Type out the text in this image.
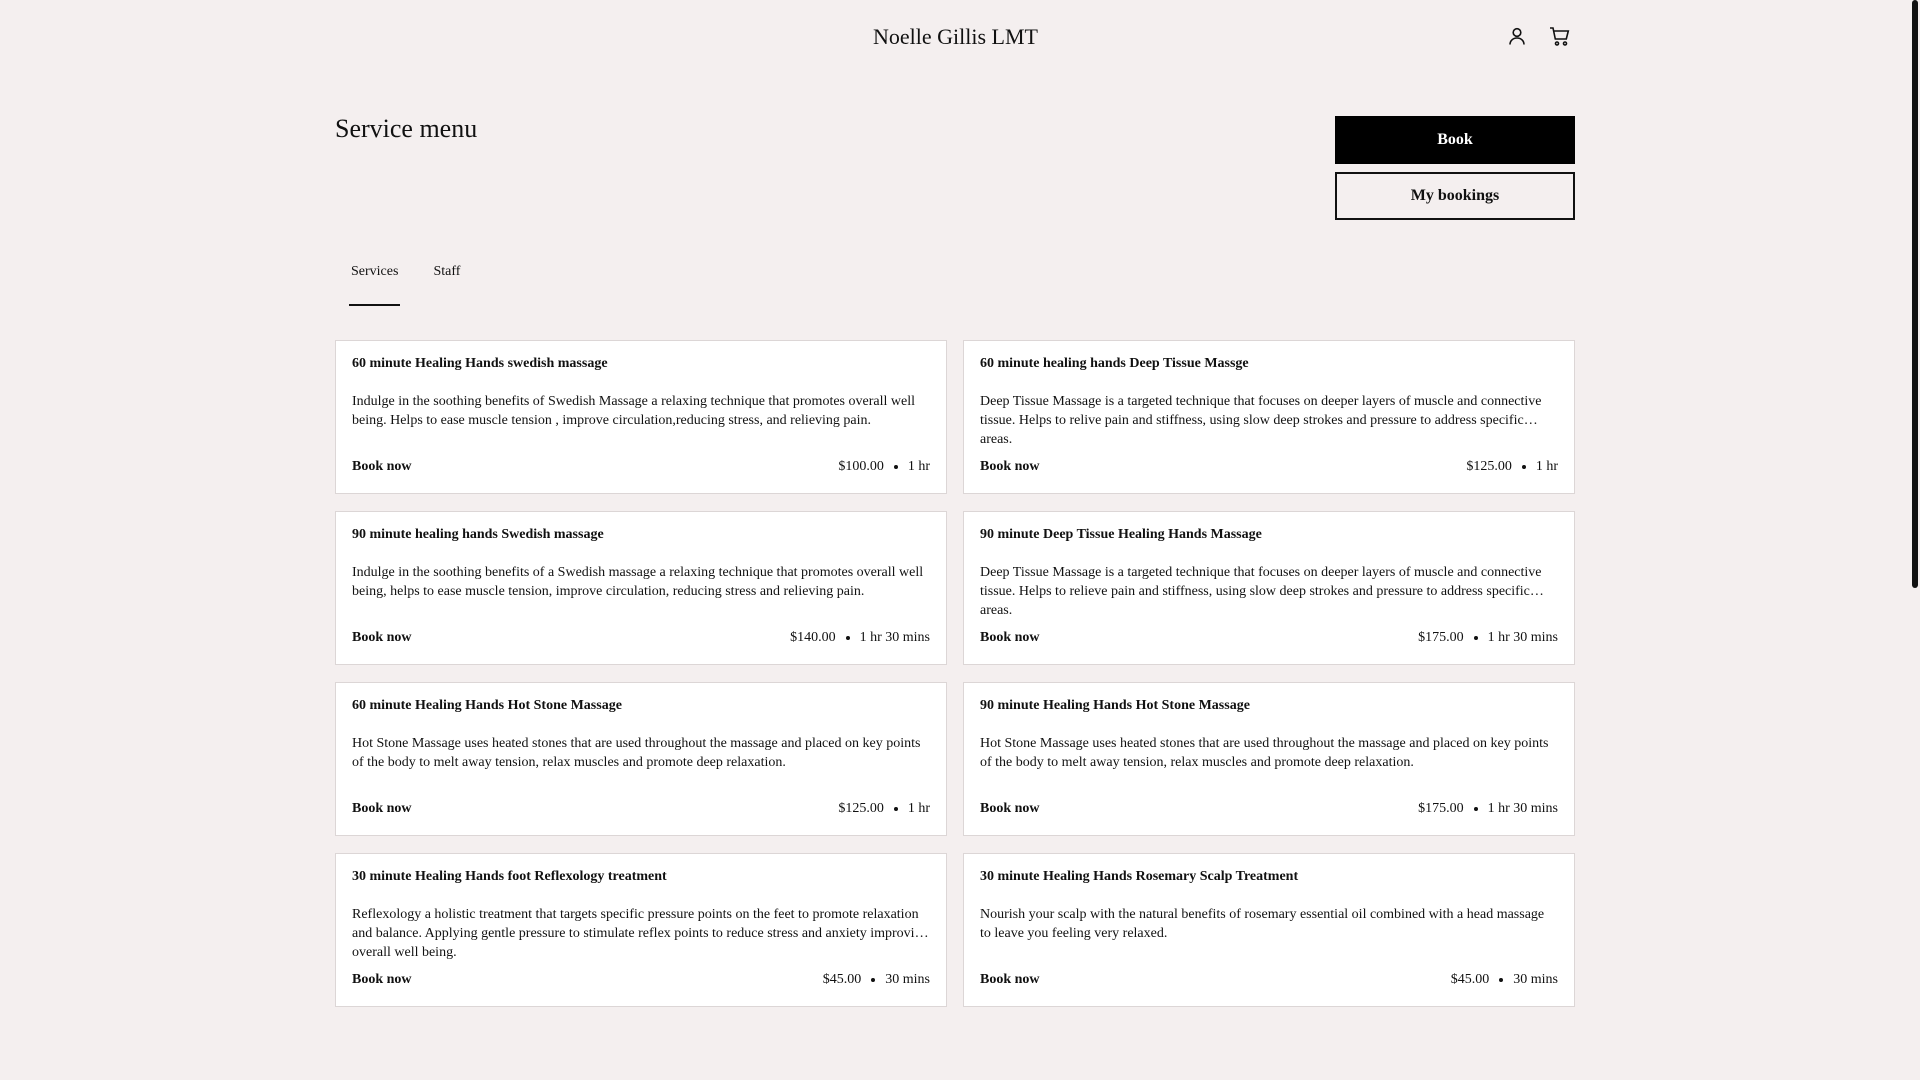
Noelle Gillis LMT
Service menu	Book
My bookings
Services	Staff
60 minute Healing Hands swedish massage
Indulge in the soothing benefits of Swedish Massage a relaxing technique that promotes overall well being. Helps to ease muscle tension , improve circulation,reducing stress, and relieving pain.
Book now	$100.00 1 hr
60 minute healing hands Deep Tissue Massge
Deep Tissue Massage is a targeted technique that focuses on deeper layers of muscle and connective tissue. Helps to relive pain and stiffness, using slow deep strokes and pressure to address specific areas.
Book now	$125.00 1 hr
90 minute healing hands Swedish massage
Indulge in the soothing benefits of a Swedish massage a relaxing technique that promotes overall well being, helps to ease muscle tension, improve circulation, reducing stress and relieving pain.
Book now	$140.00 1 hr 30 mins
90 minute Deep Tissue Healing Hands Massage
Deep Tissue Massage is a targeted technique that focuses on deeper layers of muscle and connective tissue. Helps to relieve pain and stiffness, using slow deep strokes and pressure to address specific areas.
Book now	$175.00 1 hr 30 mins
60 minute Healing Hands Hot Stone Massage
Hot Stone Massage uses heated stones that are used throughout the massage and placed on key points of the body to melt away tension, relax muscles and promote deep relaxation.
Book now	$125.00 1 hr
90 minute Healing Hands Hot Stone Massage
Hot Stone Massage uses heated stones that are used throughout the massage and placed on key points of the body to melt away tension, relax muscles and promote deep relaxation.
Book now	$175.00 1 hr 30 mins
30 minute Healing Hands foot Reflexology treatment
Reflexology a holistic treatment that targets specific pressure points on the feet to promote relaxation and balance. Applying gentle pressure to stimulate reflex points to reduce stress and anxiety improving overall well being.
Book now	$45.00 30 mins
30 minute Healing Hands Rosemary Scalp Treatment
Nourish your scalp with the natural benefits of rosemary essential oil combined with a head massage to leave you feeling very relaxed.
Book now	$45.00 30 mins
